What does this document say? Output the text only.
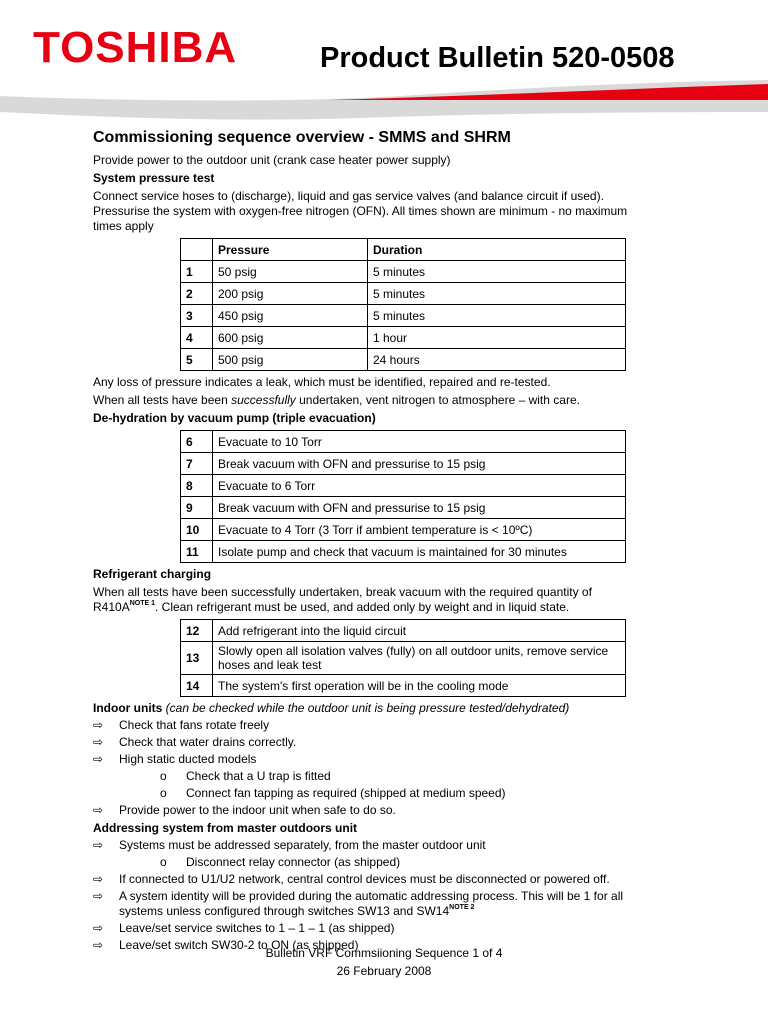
TOSHIBA	Product Bulletin 520-0508
Commissioning sequence overview - SMMS and SHRM

Provide power to the outdoor unit (crank case heater power supply)

System pressure test

Connect service hoses to (discharge), liquid and gas service valves (and balance circuit if used). Pressurise the system with oxygen-free nitrogen (OFN). All times shown are minimum - no maximum times apply

	Pressure	Duration
1	50 psig	5 minutes
2	200 psig	5 minutes
3	450 psig	5 minutes
4	600 psig	1 hour
5	500 psig	24 hours

Any loss of pressure indicates a leak, which must be identified, repaired and re-tested.

When all tests have been successfully undertaken, vent nitrogen to atmosphere – with care.

De-hydration by vacuum pump (triple evacuation)

6	Evacuate to 10 Torr
7	Break vacuum with OFN and pressurise to 15 psig
8	Evacuate to 6 Torr
9	Break vacuum with OFN and pressurise to 15 psig
10	Evacuate to 4 Torr (3 Torr if ambient temperature is < 10ºC)
11	Isolate pump and check that vacuum is maintained for 30 minutes

Refrigerant charging

When all tests have been successfully undertaken, break vacuum with the required quantity of $R410A^{NOTE 1}$. Clean refrigerant must be used, and added only by weight and in liquid state.

12	Add refrigerant into the liquid circuit
13	Slowly open all isolation valves (fully) on all outdoor units, remove service hoses and leak test
14	The system's first operation will be in the cooling mode

Indoor units (can be checked while the outdoor unit is being pressure tested/dehydrated)

⇨	Check that fans rotate freely
⇨	Check that water drains correctly.
⇨	High static ducted models
o Check that a U trap is fitted
o Connect fan tapping as required (shipped at medium speed)
⇨	Provide power to the indoor unit when safe to do so.

Addressing system from master outdoors unit

⇨	Systems must be addressed separately, from the master outdoor unit
o Disconnect relay connector (as shipped)
⇨	If connected to U1/U2 network, central control devices must be disconnected or powered off.
⇨	A system identity will be provided during the automatic addressing process. This will be 1 for all systems unless configured through switches SW13 and $SW14^{NOTE 2}$
⇨	Leave/set service switches to 1 – 1 – 1 (as shipped)
⇨	Leave/set switch SW30-2 to ON (as shipped)
Bulletin VRF Commsiioning Sequence 1 of 4
26 February 2008
